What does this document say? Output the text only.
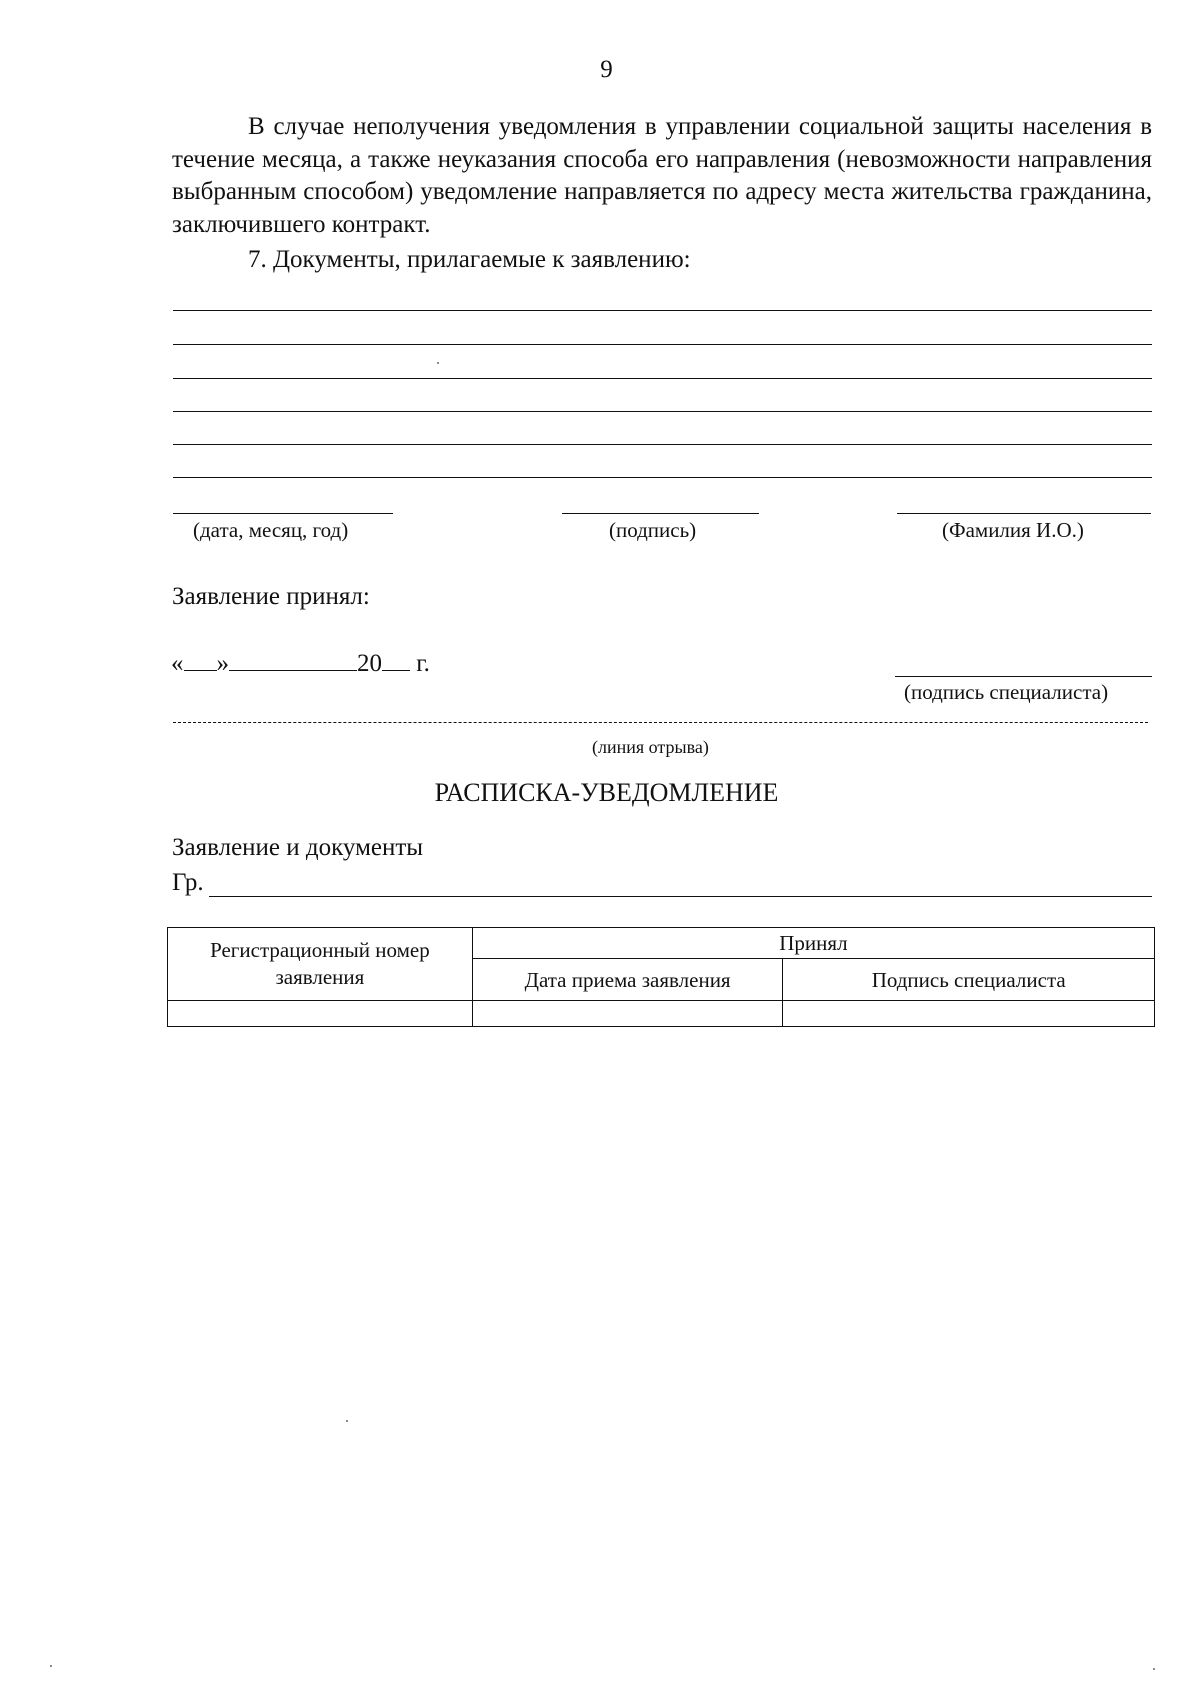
9

В случае неполучения уведомления в управлении социальной защиты населения в течение месяца, а также неуказания способа его направления (невозможности направления выбранным способом) уведомление направляется по адресу места жительства гражданина, заключившего контракт.

7. Документы, прилагаемые к заявлению:
(дата, месяц, год)	(подпись)	(Фамилия И.О.)
Заявление принял:
« »	20 г.
(подпись специалиста)
(линия отрыва)
РАСПИСКА-УВЕДОМЛЕНИЕ
Заявление и документы
Гр.
Регистрационный номер заявления	Принял	
	Дата приема заявления	Подпись специалиста
